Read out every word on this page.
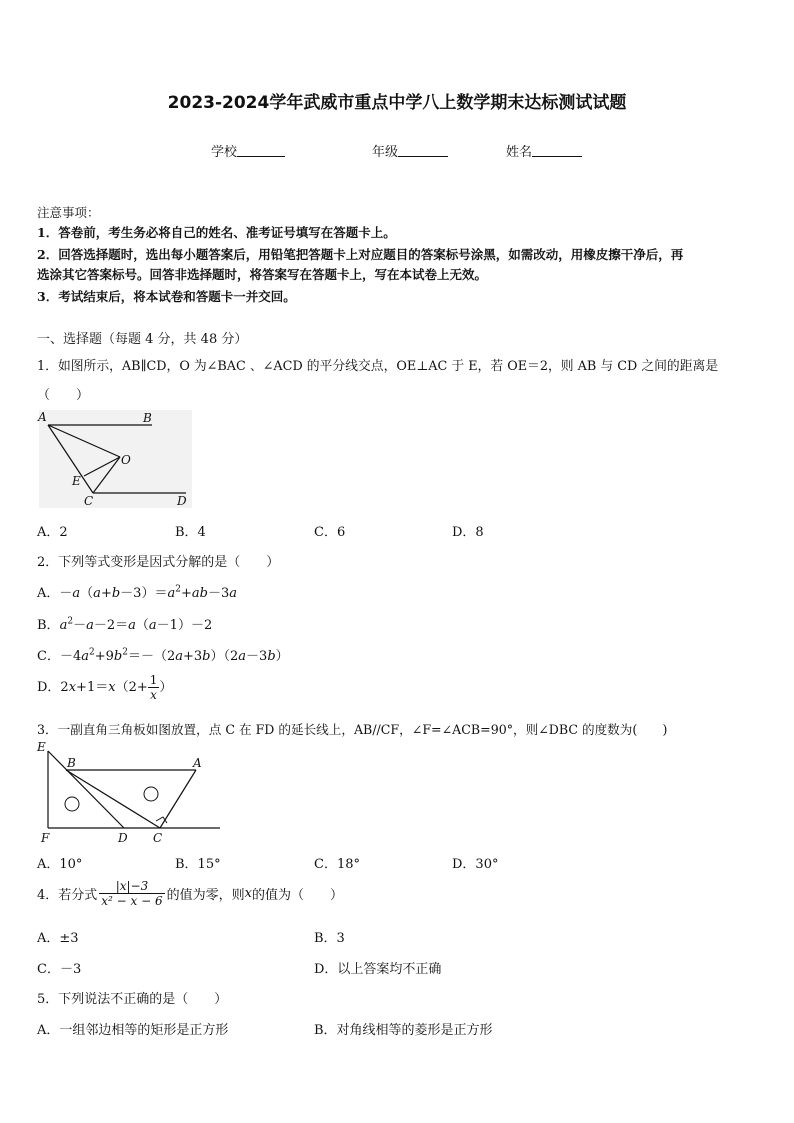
2023-2024学年武威市重点中学八上数学期末达标测试试题
学校	年级	姓名
注意事项：
1．答卷前，考生务必将自己的姓名、准考证号填写在答题卡上。
2．回答选择题时，选出每小题答案后，用铅笔把答题卡上对应题目的答案标号涂黑，如需改动，用橡皮擦干净后，再
选涂其它答案标号。回答非选择题时，将答案写在答题卡上，写在本试卷上无效。
3．考试结束后，将本试卷和答题卡一并交回。
一、选择题（每题 4 分，共 48 分）
1．如图所示，AB∥CD，O 为∠BAC 、∠ACD 的平分线交点，OE⊥AC 于 E，若 OE＝2，则 AB 与 CD 之间的距离是
（　　）
A	B
O
E
C	D
A．2	B．4	C．6	D．8
2．下列等式变形是因式分解的是（　　）
A．$-a(a+b-3)=a^2+ab-3a$
B．$a^2-a-2=a(a-1)-2$
C．$-4a^2+9b^2=-(2a+3b)(2a-3b)$
D．$2x+1=x(2+ \frac{1}{x}$ ）
3．一副直角三角板如图放置，点 C 在 FD 的延长线上，AB//CF，∠F=∠ACB=90°，则∠DBC 的度数为(　　)
E
B	A
F	D C
A．10°	B．15°	C．18°	D．30°
4．若分式 $\frac{|x|-3}{\text{x² − x − 6}}$ 的值为零，则x的值为（　　）
A．±3	B．3
C．－3	D．以上答案均不正确
5．下列说法不正确的是（　　）
A．一组邻边相等的矩形是正方形	B．对角线相等的菱形是正方形
